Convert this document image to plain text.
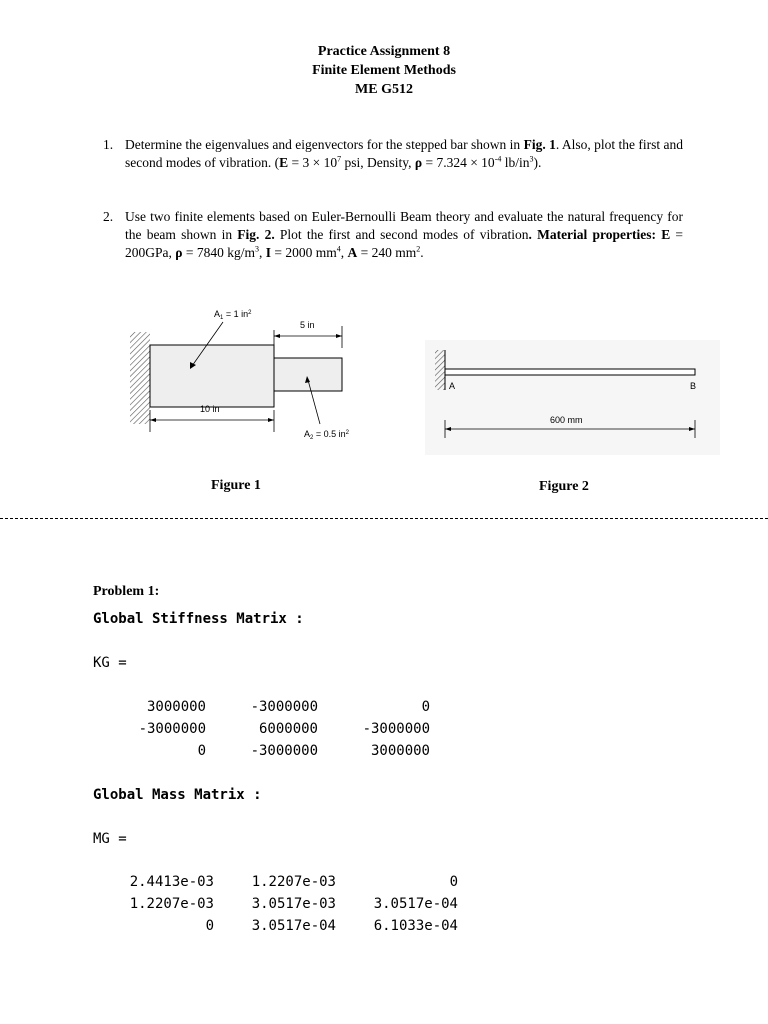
Practice Assignment 8
Finite Element Methods
ME G512
1. Determine the eigenvalues and eigenvectors for the stepped bar shown in Fig. 1. Also, plot the first and second modes of vibration. ($E = 3 \times 10^7$ psi, Density, $\rho = 7.324 \times 10^{-4}$ $lb/in^3$).
2. Use two finite elements based on Euler-Bernoulli Beam theory and evaluate the natural frequency for the beam shown in Fig. 2. Plot the first and second modes of vibration. Material properties: E = 200GPa, ρ = 7840 $kg/m^3$, I = 2000 $mm^4$, A = 240 $mm^2$.
$A_1 = 1$ $in^2$
5 in
10 in
$A_2 = 0.5$ $in^2$
Figure 1
A	B
600 mm
Figure 2
Problem 1:
Global Stiffness Matrix :
KG =
3000000	-3000000	0
-3000000	6000000	-3000000
0	-3000000	3000000
Global Mass Matrix :
MG =
2.4413e-03	1.2207e-03	0
1.2207e-03	3.0517e-03	3.0517e-04
0	3.0517e-04	6.1033e-04
